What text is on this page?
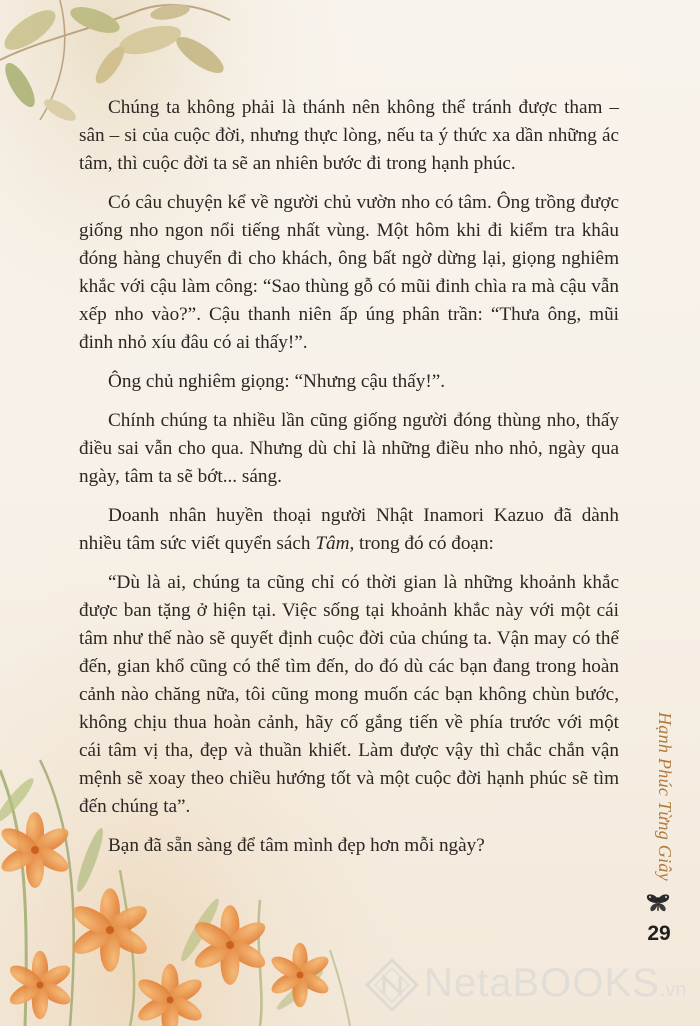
Chúng ta không phải là thánh nên không thể tránh được tham – sân – si của cuộc đời, nhưng thực lòng, nếu ta ý thức xa dần những ác tâm, thì cuộc đời ta sẽ an nhiên bước đi trong hạnh phúc.

Có câu chuyện kể về người chủ vườn nho có tâm. Ông trồng được giống nho ngon nổi tiếng nhất vùng. Một hôm khi đi kiểm tra khâu đóng hàng chuyển đi cho khách, ông bất ngờ dừng lại, giọng nghiêm khắc với cậu làm công: “Sao thùng gỗ có mũi đinh chìa ra mà cậu vẫn xếp nho vào?”. Cậu thanh niên ấp úng phân trần: “Thưa ông, mũi đinh nhỏ xíu đâu có ai thấy!”.

Ông chủ nghiêm giọng: “Nhưng cậu thấy!”.

Chính chúng ta nhiều lần cũng giống người đóng thùng nho, thấy điều sai vẫn cho qua. Nhưng dù chỉ là những điều nho nhỏ, ngày qua ngày, tâm ta sẽ bớt... sáng.

Doanh nhân huyền thoại người Nhật Inamori Kazuo đã dành nhiều tâm sức viết quyển sách Tâm, trong đó có đoạn:

“Dù là ai, chúng ta cũng chỉ có thời gian là những khoảnh khắc được ban tặng ở hiện tại. Việc sống tại khoảnh khắc này với một cái tâm như thế nào sẽ quyết định cuộc đời của chúng ta. Vận may có thể đến, gian khổ cũng có thể tìm đến, do đó dù các bạn đang trong hoàn cảnh nào chăng nữa, tôi cũng mong muốn các bạn không chùn bước, không chịu thua hoàn cảnh, hãy cố gắng tiến về phía trước với một cái tâm vị tha, đẹp và thuần khiết. Làm được vậy thì chắc chắn vận mệnh sẽ xoay theo chiều hướng tốt và một cuộc đời hạnh phúc sẽ tìm đến chúng ta”.

Bạn đã sẵn sàng để tâm mình đẹp hơn mỗi ngày?	Hạnh Phúc Từng Giây
29
NetaBOOKS.vn
